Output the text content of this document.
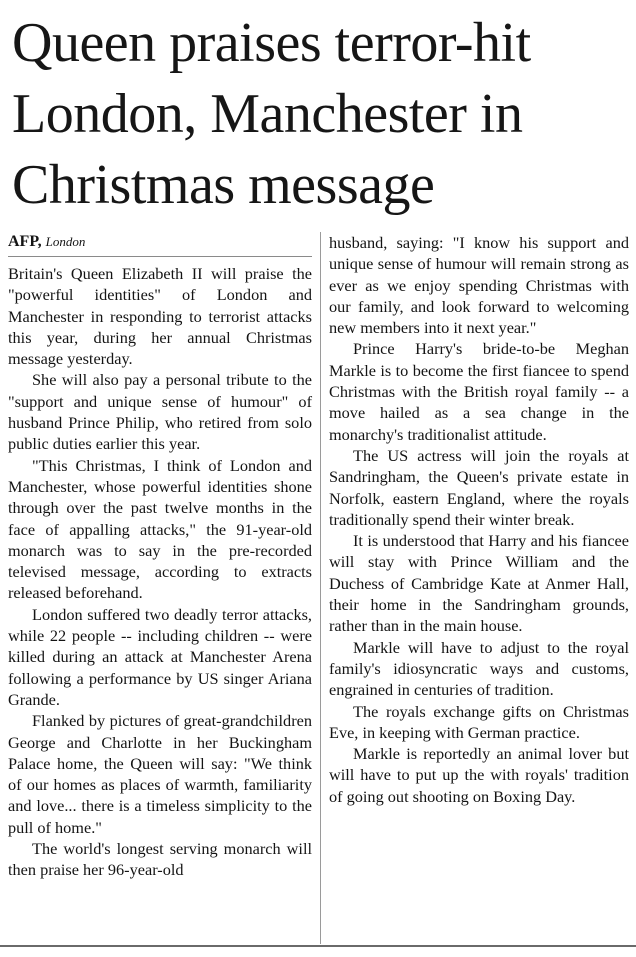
Queen praises terror-hit
London, Manchester in
Christmas message
AFP, London

Britain's Queen Elizabeth II will praise the "powerful identities" of London and Manchester in responding to terrorist attacks this year, during her annual Christmas message yesterday.

She will also pay a personal tribute to the "support and unique sense of humour" of husband Prince Philip, who retired from solo public duties earlier this year.

"This Christmas, I think of London and Manchester, whose powerful identities shone through over the past twelve months in the face of appalling attacks," the 91-year-old monarch was to say in the pre-recorded televised message, according to extracts released beforehand.

London suffered two deadly terror attacks, while 22 people -- including children -- were killed during an attack at Manchester Arena following a performance by US singer Ariana Grande.

Flanked by pictures of great-grandchildren George and Charlotte in her Buckingham Palace home, the Queen will say: "We think of our homes as places of warmth, familiarity and love... there is a timeless simplicity to the pull of home."

The world's longest serving monarch will then praise her 96-year-old

husband, saying: "I know his support and unique sense of humour will remain strong as ever as we enjoy spending Christmas with our family, and look forward to welcoming new members into it next year."

Prince Harry's bride-to-be Meghan Markle is to become the first fiancee to spend Christmas with the British royal family -- a move hailed as a sea change in the monarchy's traditionalist attitude.

The US actress will join the royals at Sandringham, the Queen's private estate in Norfolk, eastern England, where the royals traditionally spend their winter break.

It is understood that Harry and his fiancee will stay with Prince William and the Duchess of Cambridge Kate at Anmer Hall, their home in the Sandringham grounds, rather than in the main house.

Markle will have to adjust to the royal family's idiosyncratic ways and customs, engrained in centuries of tradition.

The royals exchange gifts on Christmas Eve, in keeping with German practice.

Markle is reportedly an animal lover but will have to put up the with royals' tradition of going out shooting on Boxing Day.
